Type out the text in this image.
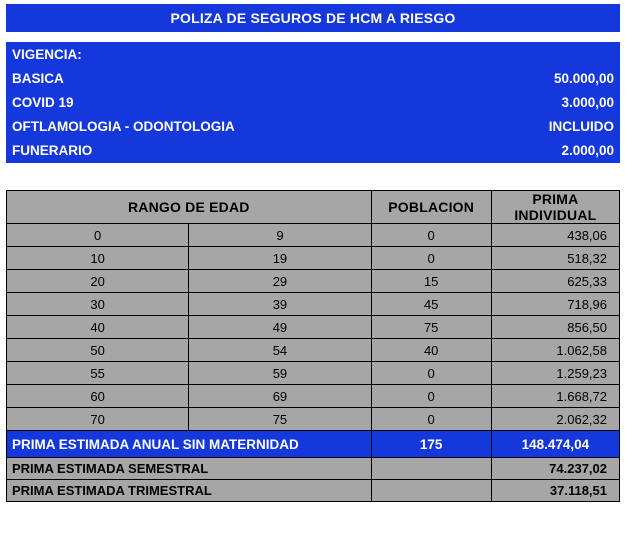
POLIZA DE SEGUROS DE HCM A RIESGO
VIGENCIA:	
BASICA	50.000,00
COVID 19	3.000,00
OFTLAMOLOGIA - ODONTOLOGIA	INCLUIDO
FUNERARIO	2.000,00
RANGO DE EDAD		POBLACION	PRIMA
INDIVIDUAL
0	9	0	438,06
10	19	0	518,32
20	29	15	625,33
30	39	45	718,96
40	49	75	856,50
50	54	40	1.062,58
55	59	0	1.259,23
60	69	0	1.668,72
70	75	0	2.062,32
PRIMA ESTIMADA ANUAL SIN MATERNIDAD		175	148.474,04
PRIMA ESTIMADA SEMESTRAL			74.237,02
PRIMA ESTIMADA TRIMESTRAL			37.118,51
